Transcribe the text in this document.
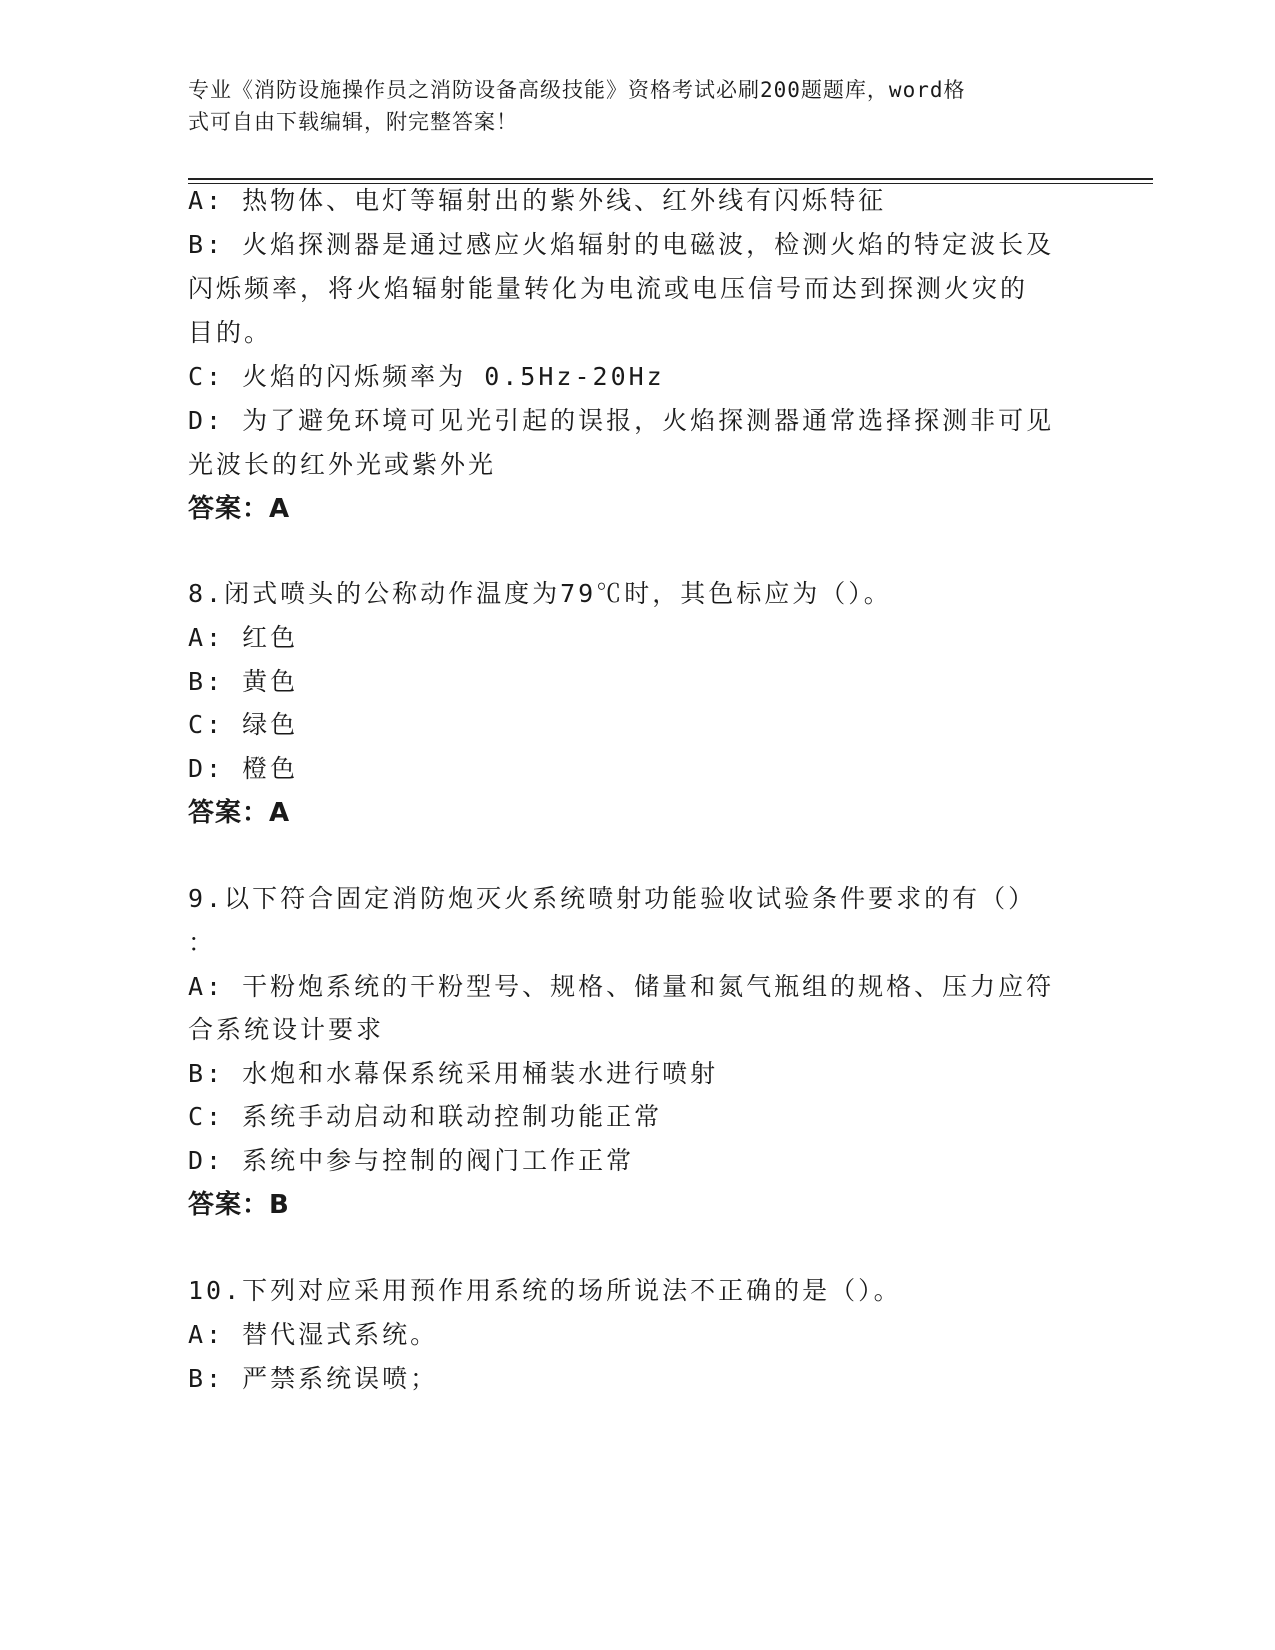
专业《消防设施操作员之消防设备高级技能》资格考试必刷200题题库，word格
式可自由下载编辑，附完整答案！
A: 热物体、电灯等辐射出的紫外线、红外线有闪烁特征
B: 火焰探测器是通过感应火焰辐射的电磁波，检测火焰的特定波长及
闪烁频率，将火焰辐射能量转化为电流或电压信号而达到探测火灾的
目的。
C: 火焰的闪烁频率为 0.5Hz-20Hz
D: 为了避免环境可见光引起的误报，火焰探测器通常选择探测非可见
光波长的红外光或紫外光
答案：A
8.闭式喷头的公称动作温度为79℃时，其色标应为（）。
A: 红色
B: 黄色
C: 绿色
D: 橙色
答案：A
9.以下符合固定消防炮灭火系统喷射功能验收试验条件要求的有（）
：
A: 干粉炮系统的干粉型号、规格、储量和氮气瓶组的规格、压力应符
合系统设计要求
B: 水炮和水幕保系统采用桶装水进行喷射
C: 系统手动启动和联动控制功能正常
D: 系统中参与控制的阀门工作正常
答案：B
10.下列对应采用预作用系统的场所说法不正确的是（）。
A: 替代湿式系统。
B: 严禁系统误喷；
